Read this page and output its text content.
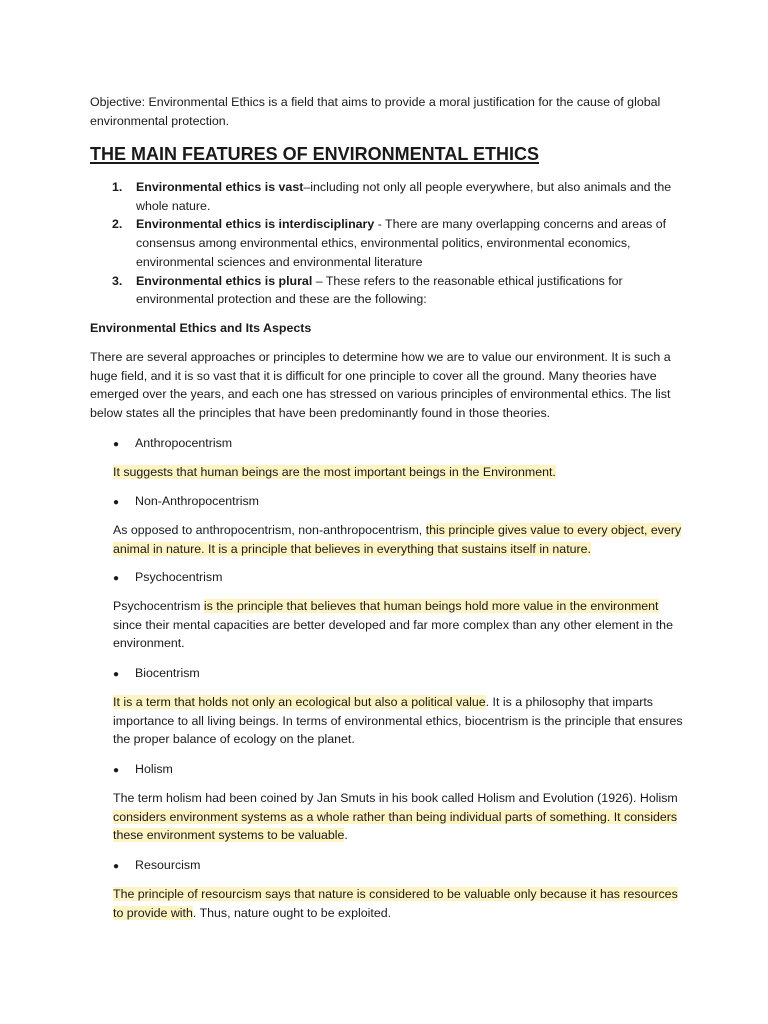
Objective: Environmental Ethics is a field that aims to provide a moral justification for the cause of global environmental protection.

THE MAIN FEATURES OF ENVIRONMENTAL ETHICS
1. Environmental ethics is vast–including not only all people everywhere, but also animals and the whole nature.
2. Environmental ethics is interdisciplinary - There are many overlapping concerns and areas of consensus among environmental ethics, environmental politics, environmental economics, environmental sciences and environmental literature
3. Environmental ethics is plural – These refers to the reasonable ethical justifications for environmental protection and these are the following:
Environmental Ethics and Its Aspects

There are several approaches or principles to determine how we are to value our environment. It is such a huge field, and it is so vast that it is difficult for one principle to cover all the ground. Many theories have emerged over the years, and each one has stressed on various principles of environmental ethics. The list below states all the principles that have been predominantly found in those theories.

● Anthropocentrism

It suggests that human beings are the most important beings in the Environment.

● Non-Anthropocentrism

As opposed to anthropocentrism, non-anthropocentrism, this principle gives value to every object, every animal in nature. It is a principle that believes in everything that sustains itself in nature.

● Psychocentrism

Psychocentrism is the principle that believes that human beings hold more value in the environment since their mental capacities are better developed and far more complex than any other element in the environment.

● Biocentrism

It is a term that holds not only an ecological but also a political value. It is a philosophy that imparts importance to all living beings. In terms of environmental ethics, biocentrism is the principle that ensures the proper balance of ecology on the planet.

● Holism

The term holism had been coined by Jan Smuts in his book called Holism and Evolution (1926). Holism considers environment systems as a whole rather than being individual parts of something. It considers these environment systems to be valuable.

● Resourcism

The principle of resourcism says that nature is considered to be valuable only because it has resources to provide with. Thus, nature ought to be exploited.
